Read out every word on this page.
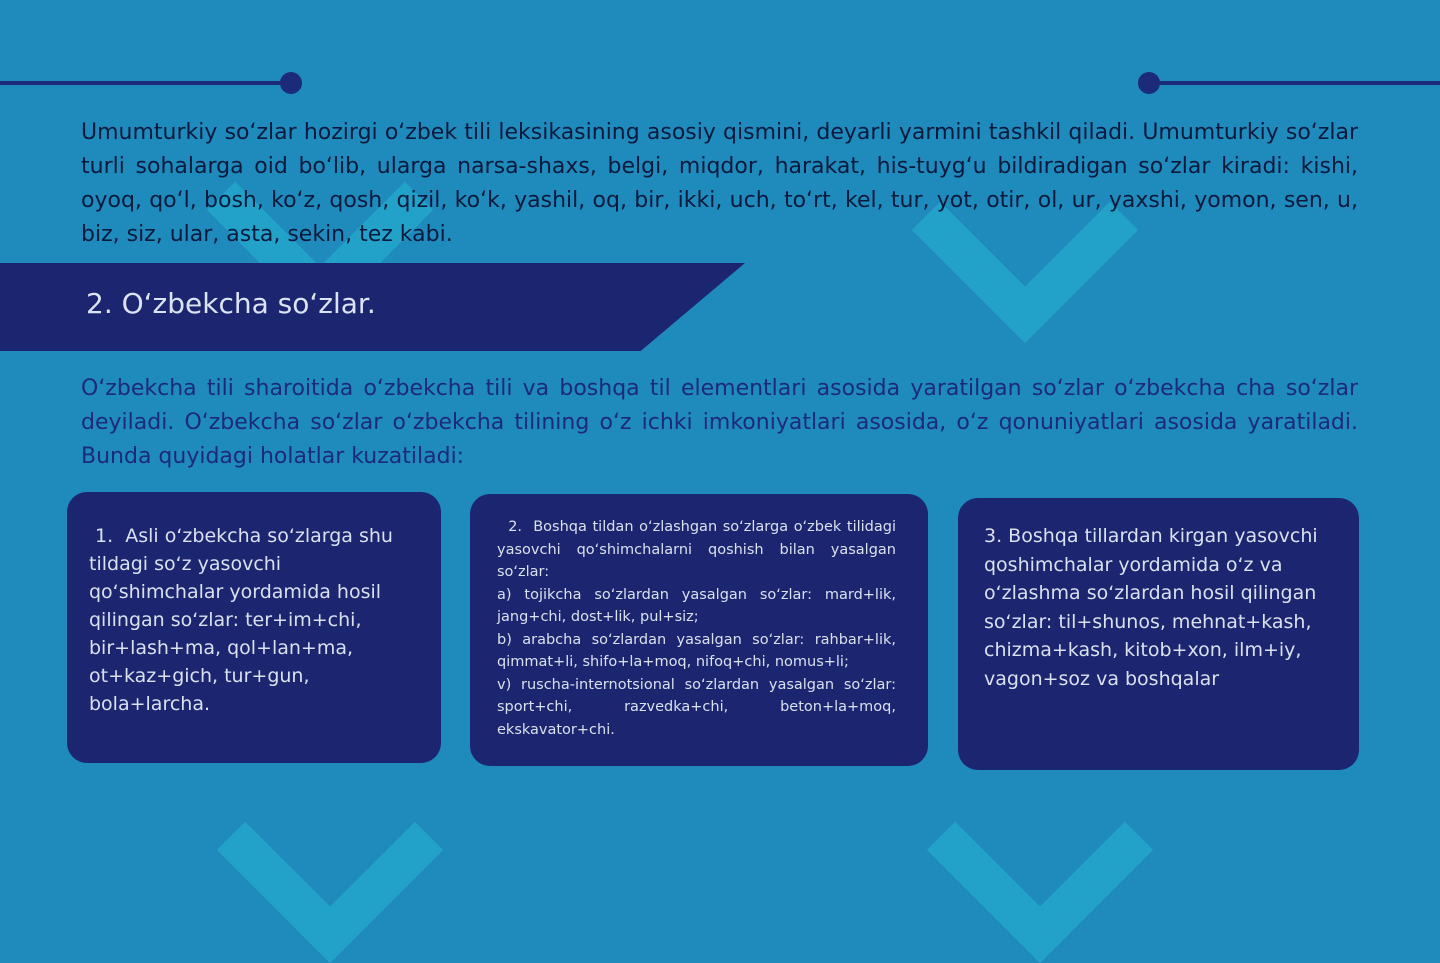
Umumturkiy so‘zlar hozirgi o‘zbek tili leksikasining asosiy qismini, deyarli yarmini tashkil qiladi. Umumturkiy so‘zlar turli sohalarga oid bo‘lib, ularga narsa-shaxs, belgi, miqdor, harakat, his-tuyg‘u bildiradigan so‘zlar kiradi: kishi, oyoq, qo‘l, bosh, ko‘z, qosh, qizil, ko‘k, yashil, oq, bir, ikki, uch, to‘rt, kel, tur, yot, otir, ol, ur, yaxshi, yomon, sen, u, biz, siz, ular, asta, sekin, tez kabi.

2. O‘zbekcha so‘zlar.

O‘zbekcha tili sharoitida o‘zbekcha tili va boshqa til elementlari asosida yaratilgan so‘zlar o‘zbekcha cha so‘zlar deyiladi. O‘zbekcha so‘zlar o‘zbekcha tilining o‘z ichki imkoniyatlari asosida, o‘z qonuniyatlari asosida yaratiladi. Bunda quyidagi holatlar kuzatiladi:

1.  Asli o‘zbekcha so‘zlarga shu tildagi so‘z yasovchi qo‘shimchalar yordamida hosil qilingan so‘zlar: ter+im+chi, bir+lash+ma, qol+lan+ma, ot+kaz+gich, tur+gun, bola+larcha.

2.  Boshqa tildan o‘zlashgan so‘zlarga o‘zbek tilidagi yasovchi qo‘shimchalarni qoshish bilan yasalgan so‘zlar:

a) tojikcha so‘zlardan yasalgan so‘zlar: mard+lik, jang+chi, dost+lik, pul+siz;

b) arabcha so‘zlardan yasalgan so‘zlar: rahbar+lik, qimmat+li, shifo+la+moq, nifoq+chi, nomus+li;

v) ruscha-internotsional so‘zlardan yasalgan so‘zlar: sport+chi, razvedka+chi, beton+la+moq, ekskavator+chi.

3. Boshqa tillardan kirgan yasovchi qoshimchalar yordamida o‘z va o‘zlashma so‘zlardan hosil qilingan so‘zlar: til+shunos, mehnat+kash, chizma+kash, kitob+xon, ilm+iy, vagon+soz va boshqalar
